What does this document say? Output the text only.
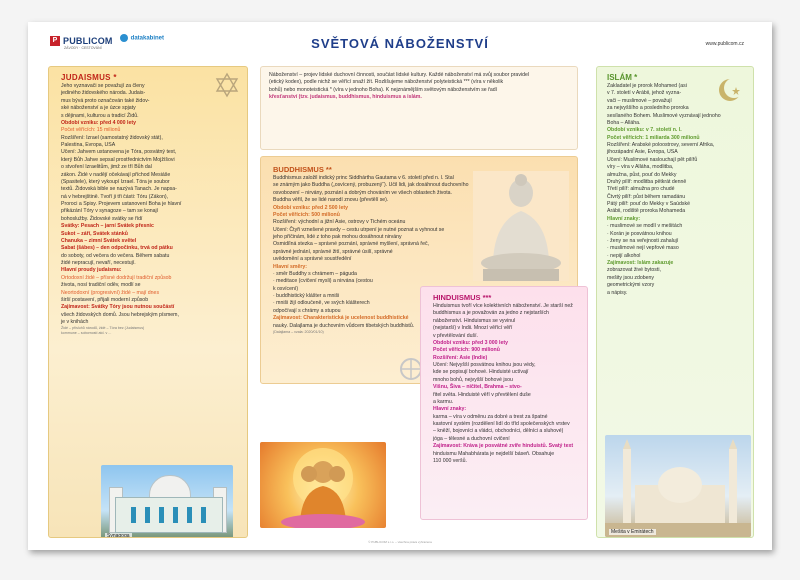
P PUBLICOM
ZÁVODY · CESTOVÁNÍ
datakabinet	SVĚTOVÁ NÁBOŽENSTVÍ	www.publicom.cz
JUDAISMUS *
Jeho vyznavači se považují za členy
jediného židovského národa. Judais-
mus bývá proto označován také židov-
ské náboženství a je úzce spjaty
s dějinami, kulturou a tradicí Židů.
Období vzniku: před 4 000 lety
Počet věřících: 15 milionů
Rozšíření: Izrael (samostatný židovský stát),
Palestina, Evropa, USA
Učení: Jahvem ustanovena je Tóra, posvátný text,
který Bůh Jahve sepsal prostřednictvím Mojžíšovi
o stvoření Izraelitům, jimž ze tří Bůh dal
zákon. Židé v nadějí očekávají příchod Mesiáše
(Spasitele), který vykoupí Izrael. Tóra je soubor
textů. Židovská bible se nazývá Tanach. Je napsa-
ná v hebrejštině. Tvoří ji tři části: Tóru (Zákon),
Proroci a Spisy. Projevem ustanovení Boha je hlavní
přikázání Tóry v synagoze – tam se konají
bohoslužby. Židovské svátky se řídí
Svátky: Pesach – jarní Svátek přesnic
Sukot – září, Svátek stánků
Chanuka – zimní Svátek světel
Sabat (šábes) – den odpočinku, trvá od pátku
do soboty, od večera do večera. Během sabatu
židé nepracují, nevaří, necestují.
Hlavní proudy judaismu:
Ortodoxní židé – přísné dodržují tradiční způsob
života, nosí tradiční oděv, modlí se
Neortodoxní (progresivní) židé – mají dnes
širší postavení, přijali moderní způsob
Zajímavost: Svátky Tóry jsou nutnou součástí
všech židovských domů. Jsou hebrejským písmem,
je v knihách
Židé – přísluhů národů, židé – Tóra bez (Judaismus)
kommune – soborností atd. v ...
Synagoga
Náboženství – projev lidské duchovní činnosti, součást lidské kultury. Každé náboženství má svůj soubor pravidel
(etický kodex), podle nichž se věřící snaží žít. Rozlišujeme náboženství polyteistická *** (víra v několik
bohů) nebo monoteistická * (víra v jednoho Boha). K nejznámějším světovým náboženstvím se řadí
křesťanství (tzv. judaismus, buddhismus, hinduismus a islám.
BUDDHISMUS **
Buddhismus založil indický princ Siddhártha Gautama v 6. století před n. l. Stal
se známým jako Buddha („osvícený, probuzený“). Učil lidi, jak dosáhnout duchovního
osvobození – nirvány, poznání a dobrým chováním ve všech oblastech života.
Buddha věřil, že se lidé narodí znovu (převtělí se).
Období vzniku: před 2 500 lety
Počet věřících: 500 milionů
Rozšíření: východní a jižní Asie, ostrovy v Tichém oceánu
Učení: Čtyři vznešené pravdy – cestu utrpení je nutné poznat a vyhnout se
jeho příčinám, lidé z toho pak mohou dosáhnout nirvány
Osmidílná stezka – správné poznání, správné myšlení, správná řeč,
správné jednání, správné žití, správné úsilí, správné
uvědomění a správné soustředění
Hlavní směry:
· směr Buddhy s chrámem – páguda
· meditace (cvičení mysli) a nirvána (cestou
k osvícení)
· buddhistický klášter a mniši
· mniši žijí odloučeně, ve svých klášterech
odpočívají s chrámy a stupou
Zajímavost: Charakteristická je ucelenost buddhistické
nauky. Dalajlama je duchovním vůdcem tibetských buddhistů.
(Dalajlama – vzala: 2020/01/10)
HINDUISMUS ***
Hinduismus tvoří více kolektivních náboženství. Je starší než
buddhismus a je považován za jedno z nejstarších
náboženství. Hinduismus se vyvinul
(nejstarší) v Indii. Mnozí věřící věří
v převtělování duší.
Období vzniku: před 3 000 lety
Počet věřících: 900 milionů
Rozšíření: Asie (Indie)
Učení: Nejvyšší posvátnou knihou jsou védy,
kde se popisují bohové. Hinduisté uctívají
mnoho bohů, nejvyšší bohové jsou
Višnu, Šiva – ničitel, Brahma – stvo-
řitel světa. Hinduisté věří v převtělení duše
a karmu.
Hlavní znaky:
karma – víra v odměnu za dobré a trest za špatné
kastovní systém (rozdělení lidí do tříd společenských vrstev
– kněží, bojovníci a vládci, obchodníci, dělníci a sluhové)
jóga – tělesné a duchovní cvičení
Zajímavost: Kráva je posvátné zvíře hinduistů. Svatý text
hinduismu Mahabhárata je nejdelší báseň. Obsahuje
110 000 veršů.
ISLÁM *
Zakladatel je prorok Mohamed (asi
v 7. století v Arábii, jehož vyzna-
vači – muslimové – považují
za nejvyššího a posledního proroka
sesílaného Bohem. Muslimové vyznávají jednoho
Boha – Alláha.
Období vzniku: v 7. století n. l.
Počet věřících: 1 miliarda 300 milionů
Rozšíření: Arabské poloostrovy, severní Afrika,
jihozápadní Asie, Evropa, USA
Učení: Muslimové naslouchají pět pilířů
víry – víra v Alláha, modlitba,
almužna, půst, pouť do Mekky
Druhý pilíř: modlitba pětkrát denně
Třetí pilíř: almužna pro chudé
Čtvrtý pilíř: půst během ramadánu
Pátý pilíř: pouť do Mekky v Saúdské
Arábii, rodiště proroka Mohameda
Hlavní znaky:
· muslimové se modlí v mešitách
· Korán je posvátnou knihou
· ženy se na veřejnosti zahalují
· muslimové nejí vepřové maso
· nepijí alkohol
Zajímavost: Islám zakazuje
zobrazovat živé bytosti,
mešity jsou zdobeny
geometrickými vzory
a nápisy.
Mešita v Emirátech
© PUBLICOM s.r.o. – všechna práva vyhrazena
